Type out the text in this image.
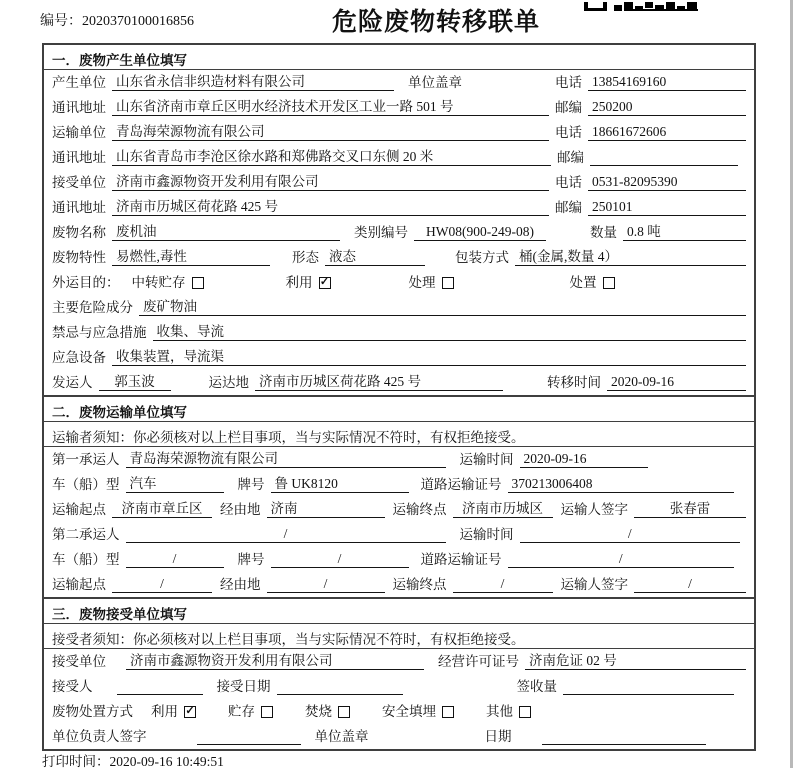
编号：2020370100016856	危险废物转移联单
一．废物产生单位填写
产生单位 山东省永信非织造材料有限公司	单位盖章	电话 13854169160
通讯地址 山东省济南市章丘区明水经济技术开发区工业一路 501 号	邮编 250200
运输单位 青岛海荣源物流有限公司	电话 18661672606
通讯地址 山东省青岛市李沧区徐水路和郑佛路交叉口东侧 20 米	邮编
接受单位 济南市鑫源物资开发利用有限公司	电话 0531-82095390
通讯地址 济南市历城区荷花路 425 号	邮编 250101
废物名称 废机油	类别编号	HW08(900-249-08)	数量 0.8 吨
废物特性 易燃性,毒性	形态 液态	包装方式 桶(金属,数量 4）
外运目的： 中转贮存	利用 ✓	处理	处置
主要危险成分 废矿物油
禁忌与应急措施 收集、导流
应急设备 收集装置，导流渠
发运人	郭玉波	运达地 济南市历城区荷花路 425 号	转移时间 2020-09-16
二．废物运输单位填写
运输者须知：你必须核对以上栏目事项，当与实际情况不符时，有权拒绝接受。
第一承运人 青岛海荣源物流有限公司	运输时间 2020-09-16
车（船）型 汽车	牌号 鲁 UK8120	道路运输证号 370213006408
运输起点	济南市章丘区	经由地 济南	运输终点	济南市历城区	运输人签字	张春雷
第二承运人	/	运输时间	/
车（船）型	/	牌号	/	道路运输证号	/
运输起点	/	经由地	/	运输终点	/	运输人签字	/
三．废物接受单位填写
接受者须知：你必须核对以上栏目事项，当与实际情况不符时，有权拒绝接受。
接受单位 济南市鑫源物资开发利用有限公司	经营许可证号 济南危证 02 号
接受人	接受日期	签收量
废物处置方式 利用 ✓ 贮存	焚烧	安全填埋	其他
单位负责人签字	单位盖章	日期
打印时间：2020-09-16 10:49:51
